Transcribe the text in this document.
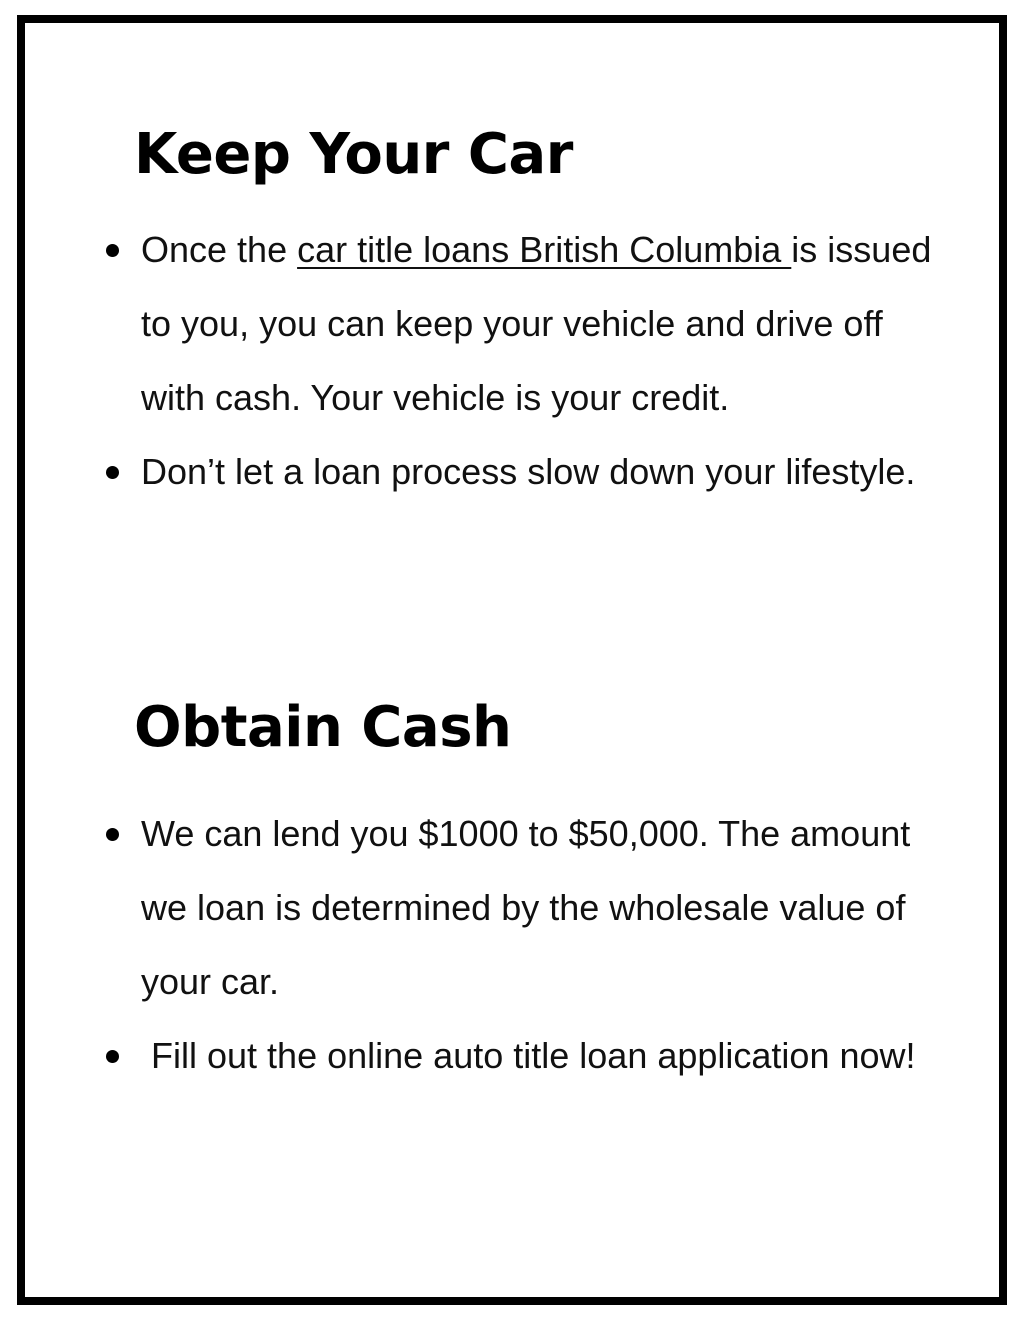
Keep Your Car
Once the car title loans British Columbia is issued to you, you can keep your vehicle and drive off with cash. Your vehicle is your credit.
Don’t let a loan process slow down your lifestyle.
Obtain Cash
We can lend you $1000 to $50,000. The amount we loan is determined by the wholesale value of your car.
Fill out the online auto title loan application now!
